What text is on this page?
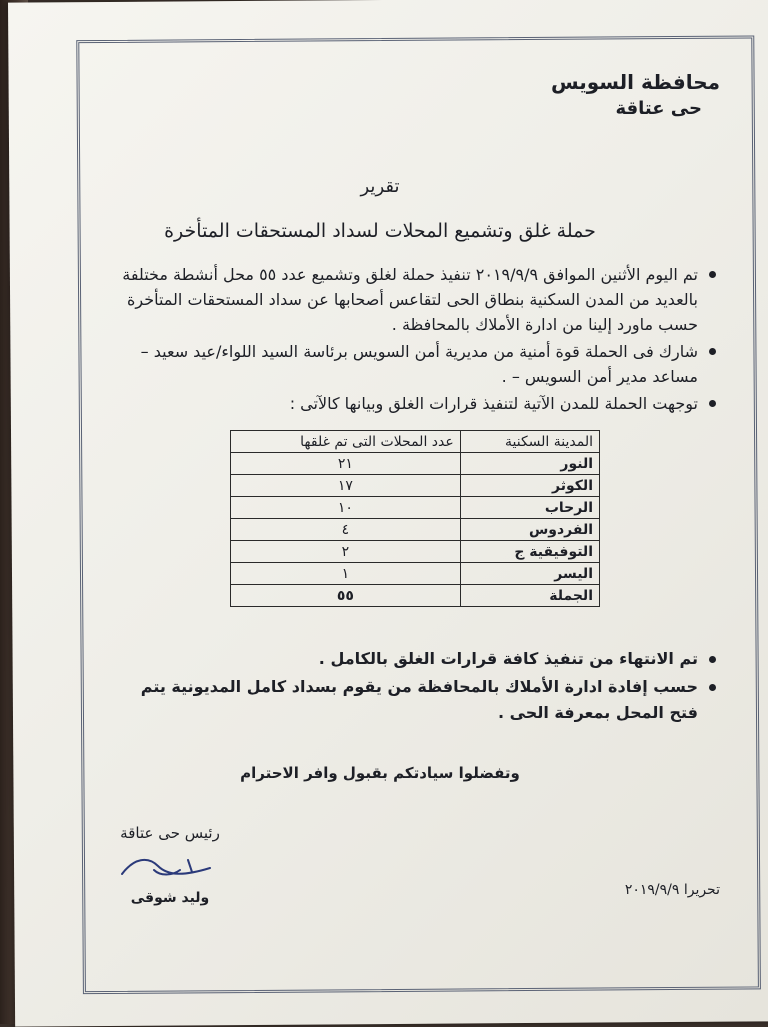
محافظة السويس
حى عتاقة
تقرير
حملة غلق وتشميع المحلات لسداد المستحقات المتأخرة
تم اليوم الأثنين الموافق ٢٠١٩/٩/٩ تنفيذ حملة لغلق وتشميع عدد ٥٥ محل أنشطة مختلفة بالعديد من المدن السكنية بنطاق الحى لتقاعس أصحابها عن سداد المستحقات المتأخرة حسب ماورد إلينا من ادارة الأملاك بالمحافظة .
شارك فى الحملة قوة أمنية من مديرية أمن السويس برئاسة السيد اللواء/عيد سعيد – مساعد مدير أمن السويس – .
توجهت الحملة للمدن الآتية لتنفيذ قرارات الغلق وبيانها كالآتى :
المدينة السكنية	عدد المحلات التى تم غلقها
النور	٢١
الكوثر	١٧
الرحاب	١٠
الفردوس	٤
التوفيقية ج	٢
اليسر	١
الجملة	٥٥
تم الانتهاء من تنفيذ كافة قرارات الغلق بالكامل .
حسب إفادة ادارة الأملاك بالمحافظة من يقوم بسداد كامل المديونية يتم فتح المحل بمعرفة الحى .
وتفضلوا سيادتكم بقبول وافر الاحترام
رئيس حى عتاقة
وليد شوقى	تحريرا ٢٠١٩/٩/٩
